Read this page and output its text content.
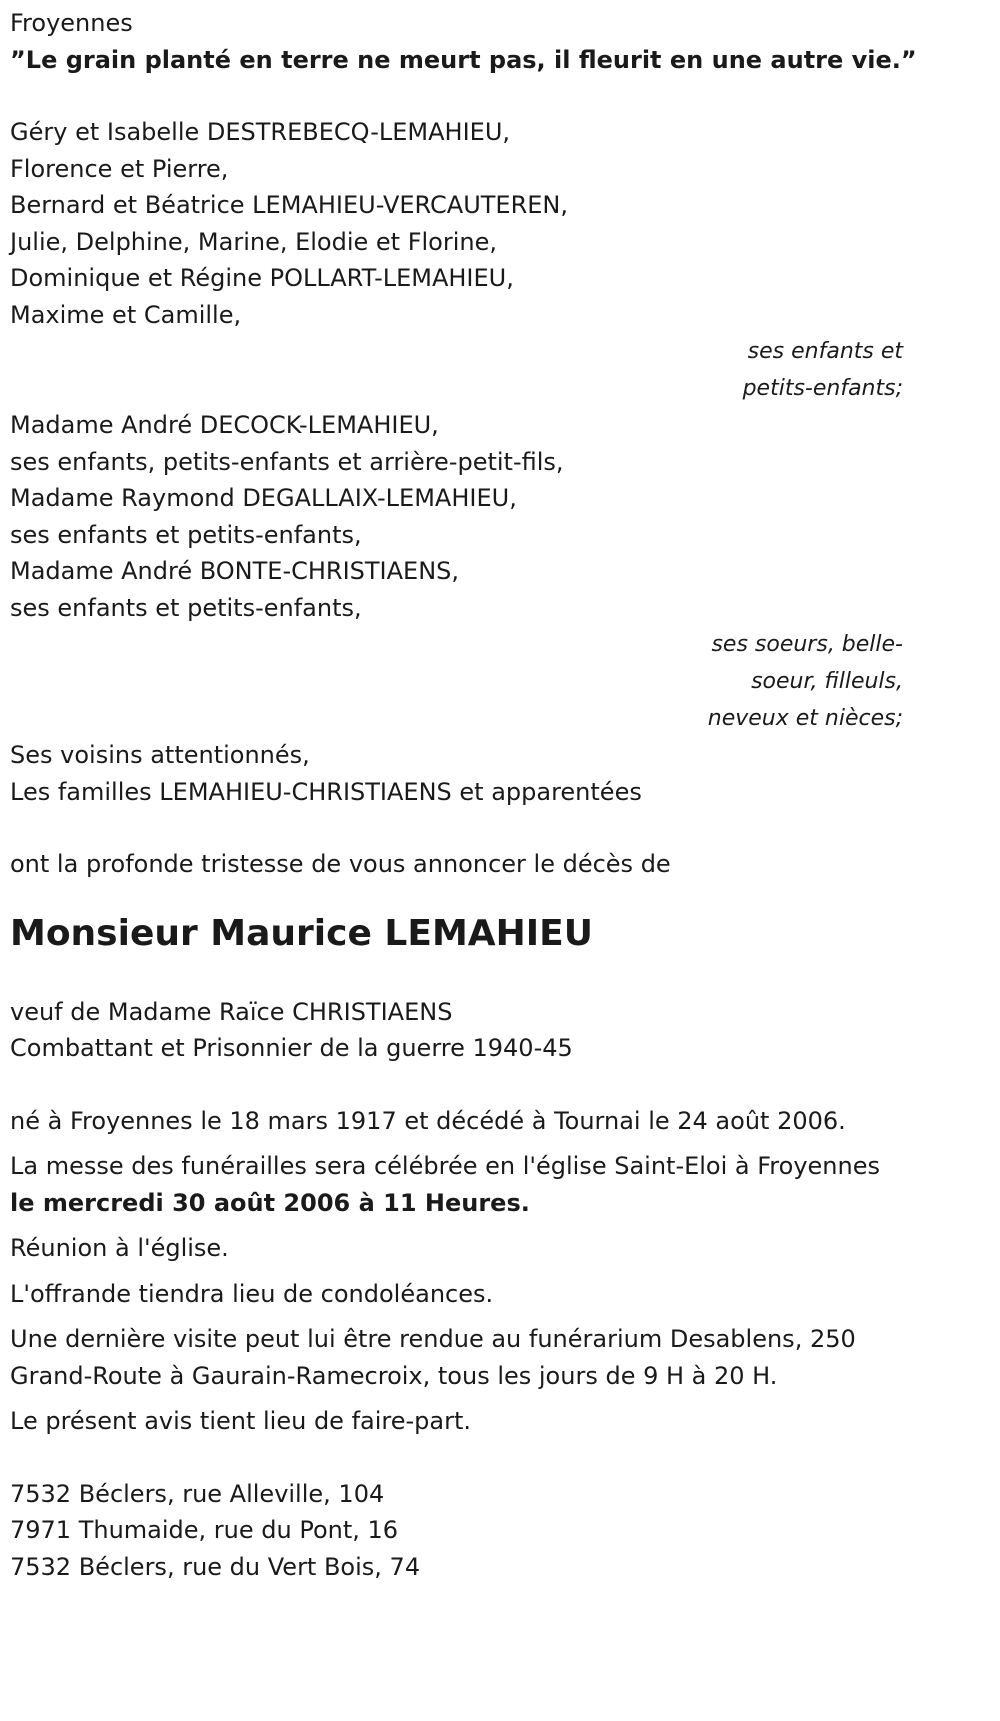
Froyennes
”Le grain planté en terre ne meurt pas, il fleurit en une autre vie.”
Géry et Isabelle DESTREBECQ-LEMAHIEU,
Florence et Pierre,
Bernard et Béatrice LEMAHIEU-VERCAUTEREN,
Julie, Delphine, Marine, Elodie et Florine,
Dominique et Régine POLLART-LEMAHIEU,
Maxime et Camille,
ses enfants et
petits-enfants;
Madame André DECOCK-LEMAHIEU,
ses enfants, petits-enfants et arrière-petit-fils,
Madame Raymond DEGALLAIX-LEMAHIEU,
ses enfants et petits-enfants,
Madame André BONTE-CHRISTIAENS,
ses enfants et petits-enfants,
ses soeurs, belle-
soeur, filleuls,
neveux et nièces;
Ses voisins attentionnés,
Les familles LEMAHIEU-CHRISTIAENS et apparentées
ont la profonde tristesse de vous annoncer le décès de
Monsieur Maurice LEMAHIEU
veuf de Madame Raïce CHRISTIAENS
Combattant et Prisonnier de la guerre 1940-45
né à Froyennes le 18 mars 1917 et décédé à Tournai le 24 août 2006.
La messe des funérailles sera célébrée en l'église Saint-Eloi à Froyennes
le mercredi 30 août 2006 à 11 Heures.
Réunion à l'église.
L'offrande tiendra lieu de condoléances.
Une dernière visite peut lui être rendue au funérarium Desablens, 250
Grand-Route à Gaurain-Ramecroix, tous les jours de 9 H à 20 H.
Le présent avis tient lieu de faire-part.
7532 Béclers, rue Alleville, 104
7971 Thumaide, rue du Pont, 16
7532 Béclers, rue du Vert Bois, 74
